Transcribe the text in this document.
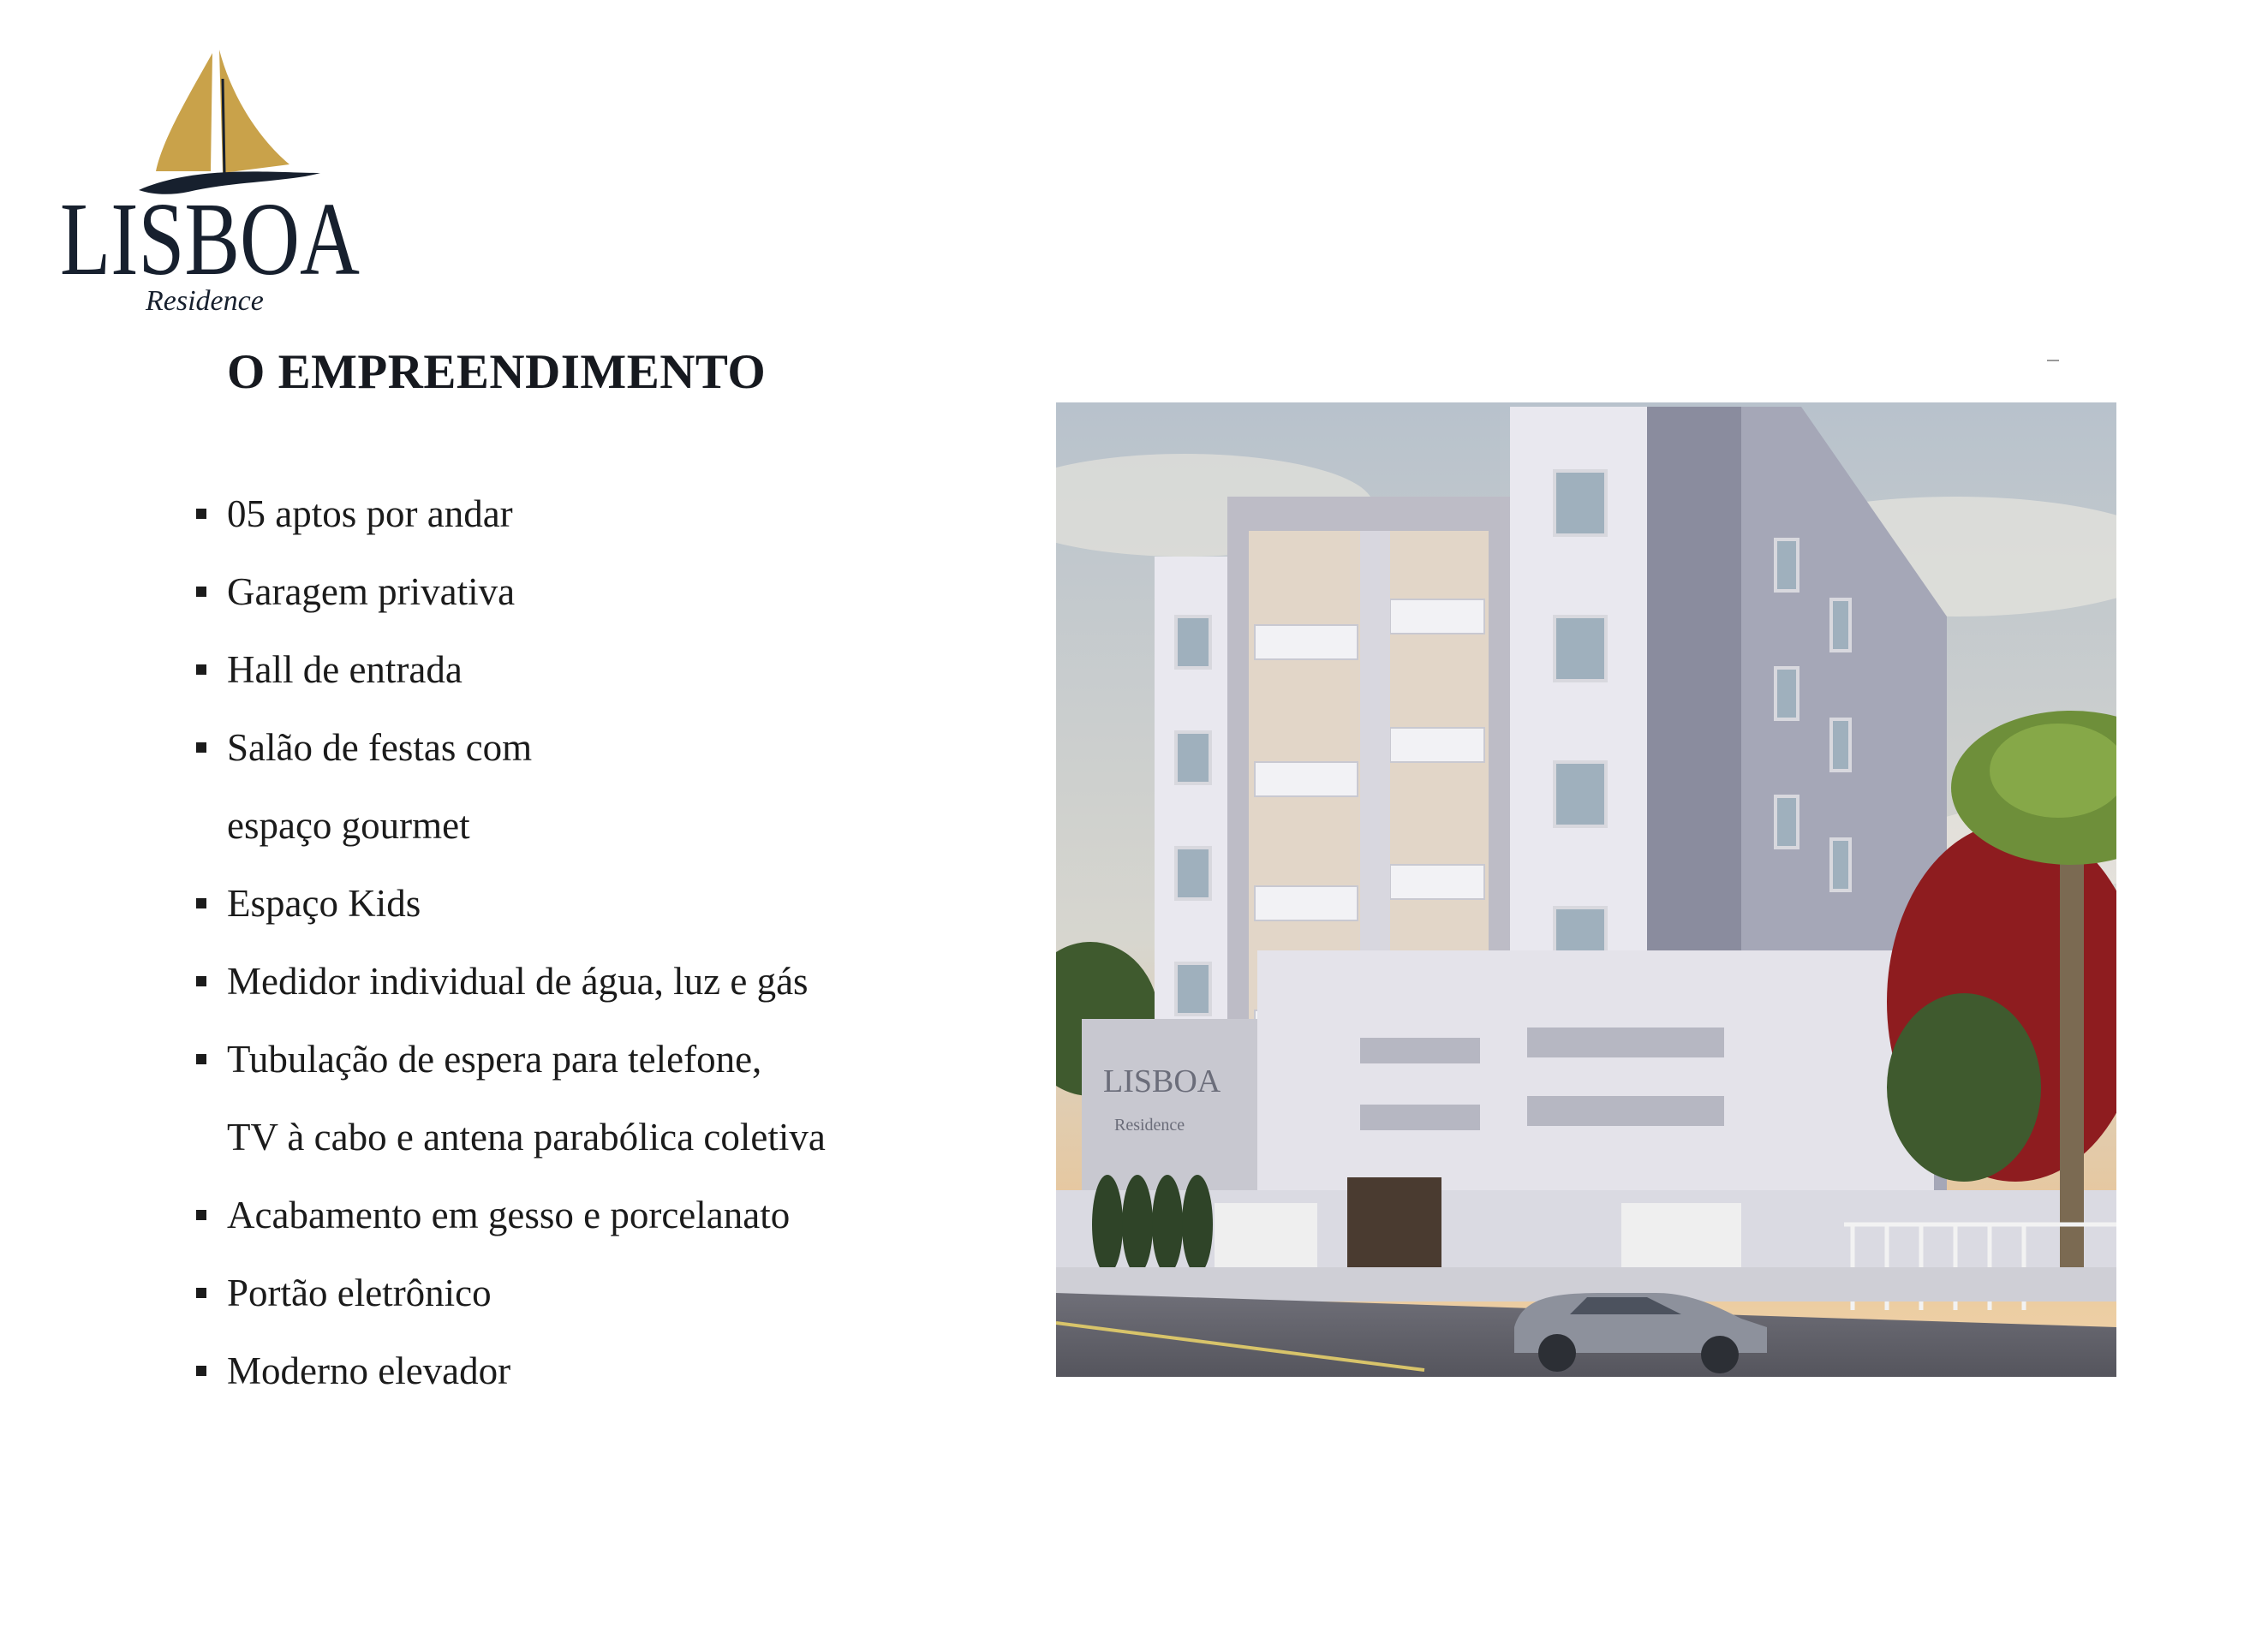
LISBOA
Residence
O EMPREENDIMENTO
05 aptos por andar
Garagem privativa
Hall de entrada
Salão de festas com
espaço gourmet
Espaço Kids
Medidor individual de água, luz e gás
Tubulação de espera para telefone,
TV à cabo e antena parabólica coletiva
Acabamento em gesso e porcelanato
Portão eletrônico
Moderno elevador
LISBOA
Residence
